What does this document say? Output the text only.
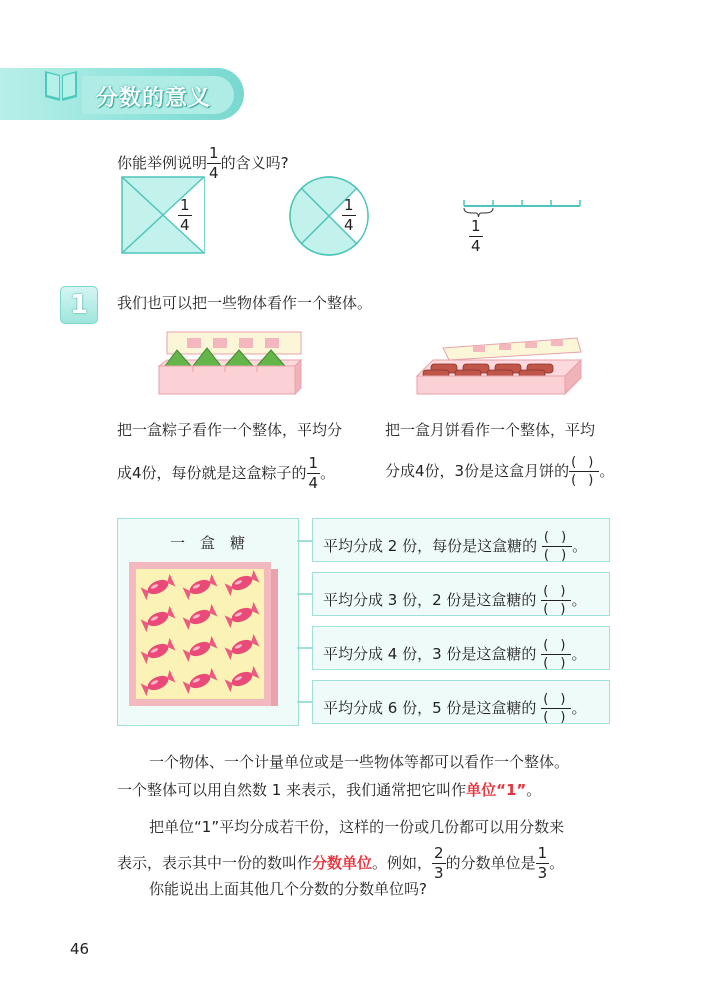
分数的意义
你能举例说明 $\frac{1}{4}$ 的含义吗?
$\frac{1}{4}$	$\frac{1}{4}$
$\frac{1}{4}$
1	我们也可以把一些物体看作一个整体。
把一盒粽子看作一个整体，平均分
成4份，每份就是这盒粽子的 $\frac{1}{4}$ 。
把一盒月饼看作一个整体，平均
分成4份，3份是这盒月饼的 $\frac{( )}{( )}$ 。
一　盒　糖	平均分成 2 份，每份是这盒糖的 $\frac{( )}{( )}$ 。
平均分成 3 份，2 份是这盒糖的 $\frac{( )}{( )}$ 。
平均分成 4 份，3 份是这盒糖的 $\frac{( )}{( )}$ 。
平均分成 6 份，5 份是这盒糖的 $\frac{( )}{( )}$ 。
一个物体、一个计量单位或是一些物体等都可以看作一个整体。
一个整体可以用自然数 1 来表示，我们通常把它叫作单位“1”。
把单位“1”平均分成若干份，这样的一份或几份都可以用分数来
表示，表示其中一份的数叫作分数单位。例如， $\frac{2}{3}$ 的分数单位是 $\frac{1}{3}$ 。
你能说出上面其他几个分数的分数单位吗?
46
